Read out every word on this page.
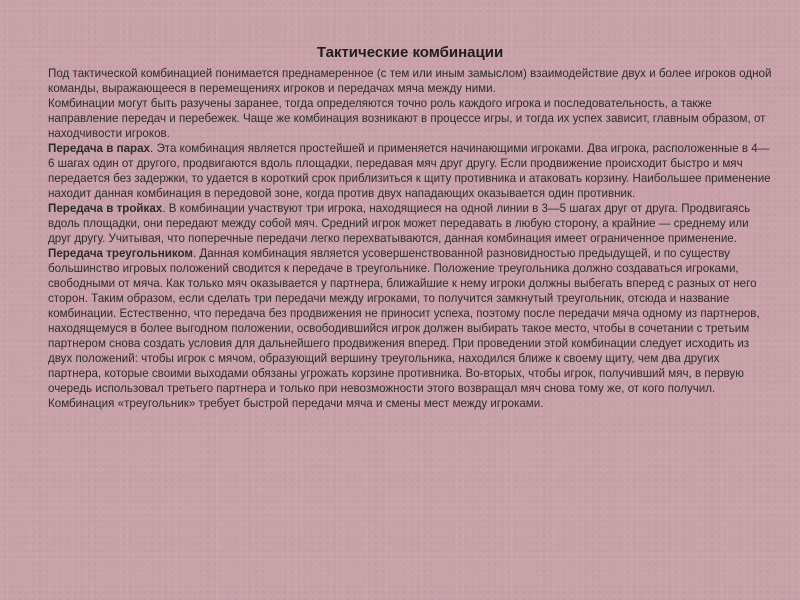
Тактические комбинации

Под тактической комбинацией понимается преднамеренное (с тем или иным замыслом) взаимодействие двух и более игроков одной команды, выражающееся в перемещениях игроков и передачах мяча между ними.

Комбинации могут быть разучены заранее, тогда определяются точно роль каждого игрока и последовательность, а также направление передач и перебежек. Чаще же комбинация возникают в процессе игры, и тогда их успех зависит, главным образом, от находчивости игроков.

Передача в парах. Эта комбинация является простейшей и применяется начинающими игроками. Два игрока, расположенные в 4—6 шагах один от другого, продвигаются вдоль площадки, передавая мяч друг другу. Если продвижение происходит быстро и мяч передается без задержки, то удается в короткий срок приблизиться к щиту противника и атаковать корзину. Наибольшее применение находит данная комбинация в передовой зоне, когда против двух нападающих оказывается один противник.

Передача в тройках. В комбинации участвуют три игрока, находящиеся на одной линии в 3—5 шагах друг от друга. Продвигаясь вдоль площадки, они передают между собой мяч. Средний игрок может передавать в любую сторону, а крайние — среднему или друг другу. Учитывая, что поперечные передачи легко перехватываются, данная комбинация имеет ограниченное применение.

Передача треугольником. Данная комбинация является усовершенствованной разновидностью предыдущей, и по существу большинство игровых положений сводится к передаче в треугольнике. Положение треугольника должно создаваться игроками, свободными от мяча. Как только мяч оказывается у партнера, ближайшие к нему игроки должны выбегать вперед с разных от него сторон. Таким образом, если сделать три передачи между игроками, то получится замкнутый треугольник, отсюда и название комбинации. Естественно, что передача без продвижения не приносит успеха, поэтому после передачи мяча одному из партнеров, находящемуся в более выгодном положении, освободившийся игрок должен выбирать такое место, чтобы в сочетании с третьим партнером снова создать условия для дальнейшего продвижения вперед. При проведении этой комбинации следует исходить из двух положений: чтобы игрок с мячом, образующий вершину треугольника, находился ближе к своему щиту, чем два других партнера, которые своими выходами обязаны угрожать корзине противника. Во-вторых, чтобы игрок, получивший мяч, в первую очередь использовал третьего партнера и только при невозможности этого возвращал мяч снова тому же, от кого получил.

Комбинация «треугольник» требует быстрой передачи мяча и смены мест между игроками.
